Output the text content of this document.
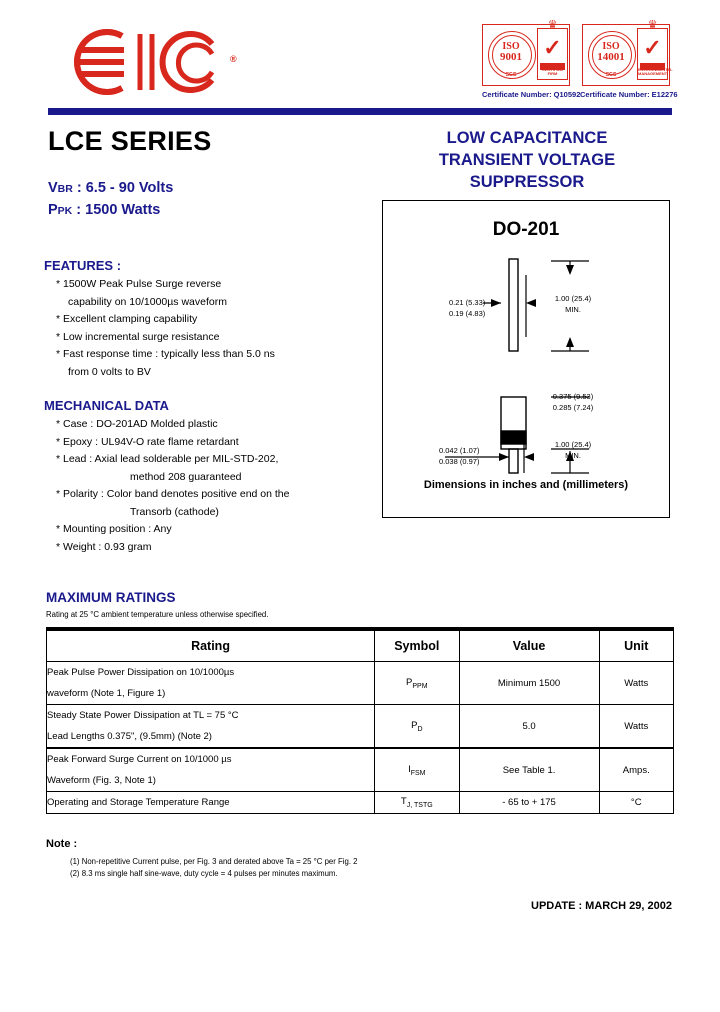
®
ISO
9001
SGS
♛
✓
NQA
CERTIFIED
FIRM
ISO
14001
SGS
♛
✓
U K A S
ENVIRONMENTAL
MANAGEMENT
Certificate Number: Q10592 Certificate Number: E12276
LCE SERIES
VBR : 6.5 - 90 Volts
PPK : 1500 Watts
LOW CAPACITANCE
TRANSIENT VOLTAGE
SUPPRESSOR
FEATURES :
* 1500W Peak Pulse Surge reverse
capability on 10/1000µs waveform
* Excellent clamping capability
* Low incremental surge resistance
* Fast response time : typically less than 5.0 ns
from 0 volts to BV
MECHANICAL DATA
* Case : DO-201AD Molded plastic
* Epoxy : UL94V-O rate flame retardant
* Lead : Axial lead solderable per MIL-STD-202,
method 208 guaranteed
* Polarity : Color band denotes positive end on the
Transorb (cathode)
* Mounting position : Any
* Weight : 0.93 gram
DO-201
0.21 (5.33)
0.19 (4.83)
1.00 (25.4)
MIN.
0.375 (9.53)
0.285 (7.24)
1.00 (25.4)
MIN.
0.042 (1.07)
0.038 (0.97)
Dimensions in inches and (millimeters)
MAXIMUM RATINGS
Rating at 25 °C ambient temperature unless otherwise specified.
Rating	Symbol	Value	Unit

Peak Pulse Power Dissipation on 10/1000µs
waveform (Note 1, Figure 1)	$P_{PPM}$	Minimum 1500	Watts

Steady State Power Dissipation at TL = 75 °C
Lead Lengths 0.375", (9.5mm) (Note 2)	$P_D$	5.0	Watts

Peak Forward Surge Current on 10/1000 µs
Waveform (Fig. 3, Note 1)	$I_{FSM}$	See Table 1.	Amps.

Operating and Storage Temperature Range	$T_{J, TSTG}$	- 65 to + 175	°C
Note :
(1) Non-repetitive Current pulse, per Fig. 3 and derated above Ta = 25 °C per Fig. 2
(2) 8.3 ms single half sine-wave, duty cycle = 4 pulses per minutes maximum.
UPDATE : MARCH 29, 2002
